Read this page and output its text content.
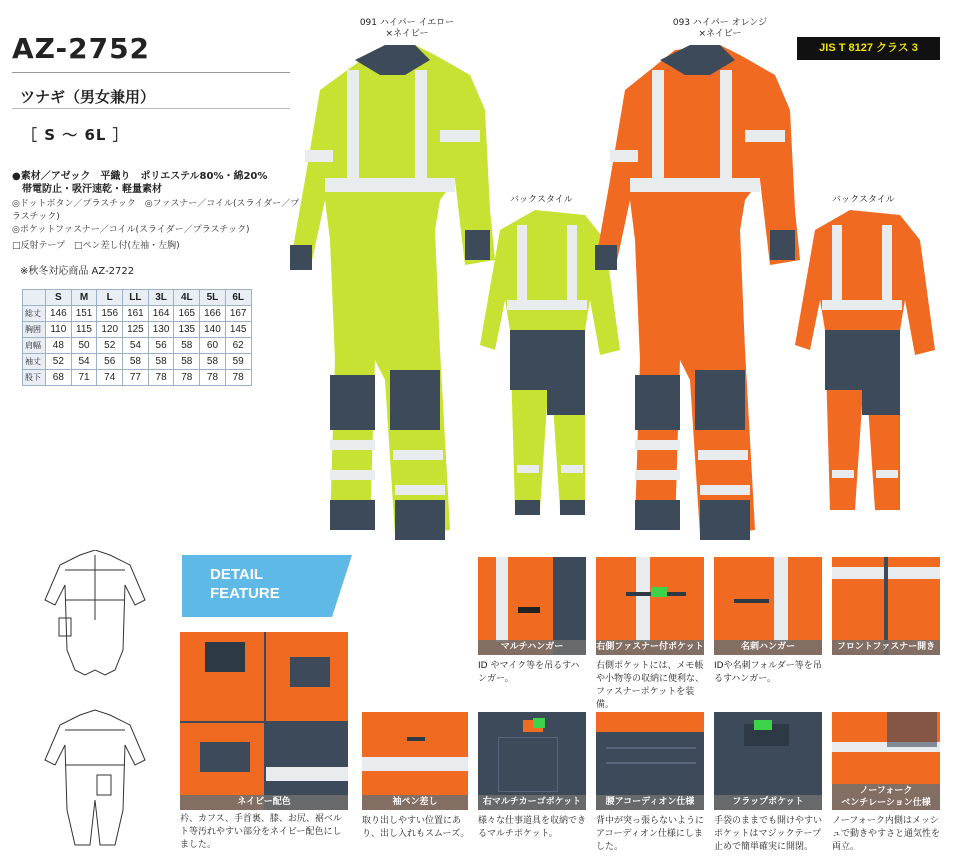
AZ-2752
ツナギ（男女兼用）
［ S ～ 6L ］
●素材／アゼック　平織り　ポリエステル80%・綿20%
帯電防止・吸汗速乾・軽量素材
◎ドットボタン／プラスチック　◎ファスナー／コイル(スライダー／プラスチック)
◎ポケットファスナー／コイル(スライダー／プラスチック)
□反射テープ　□ペン差し付(左袖・左胸)
※秋冬対応商品 AZ-2722
	S	M	L	LL	3L	4L	5L	6L
総丈	146	151	156	161	164	165	166	167
胸囲	110	115	120	125	130	135	140	145
肩幅	48	50	52	54	56	58	60	62
袖丈	52	54	56	58	58	58	58	59
股下	68	71	74	77	78	78	78	78
JIS T 8127 クラス 3
091 ハイパー イエロー
×ネイビー
093 ハイパー オレンジ
×ネイビー
バックスタイル	バックスタイル
DETAIL
FEATURE
ネイビー配色
衿、カフス、手首裏、膝、お尻、裾ベルト等汚れやすい部分をネイビー配色にしました。
マルチハンガー
ID やマイク等を吊るすハンガー。
右側ファスナー付ポケット
右側ポケットには、メモ帳や小物等の収納に便利な、ファスナーポケットを装備。
名刺ハンガー
IDや名刺フォルダー等を吊るすハンガー。
フロントファスナー開き
袖ペン差し
取り出しやすい位置にあり、出し入れもスムーズ。
右マルチカーゴポケット
様々な仕事道具を収納できるマルチポケット。
腰アコーディオン仕様
背中が突っ張らないようにアコーディオン仕様にしました。
フラップポケット
手袋のままでも開けやすいポケットはマジックテープ止めで簡単確実に開閉。
ノーフォーク
ベンチレーション仕様
ノーフォーク内側はメッシュで動きやすさと通気性を両立。
